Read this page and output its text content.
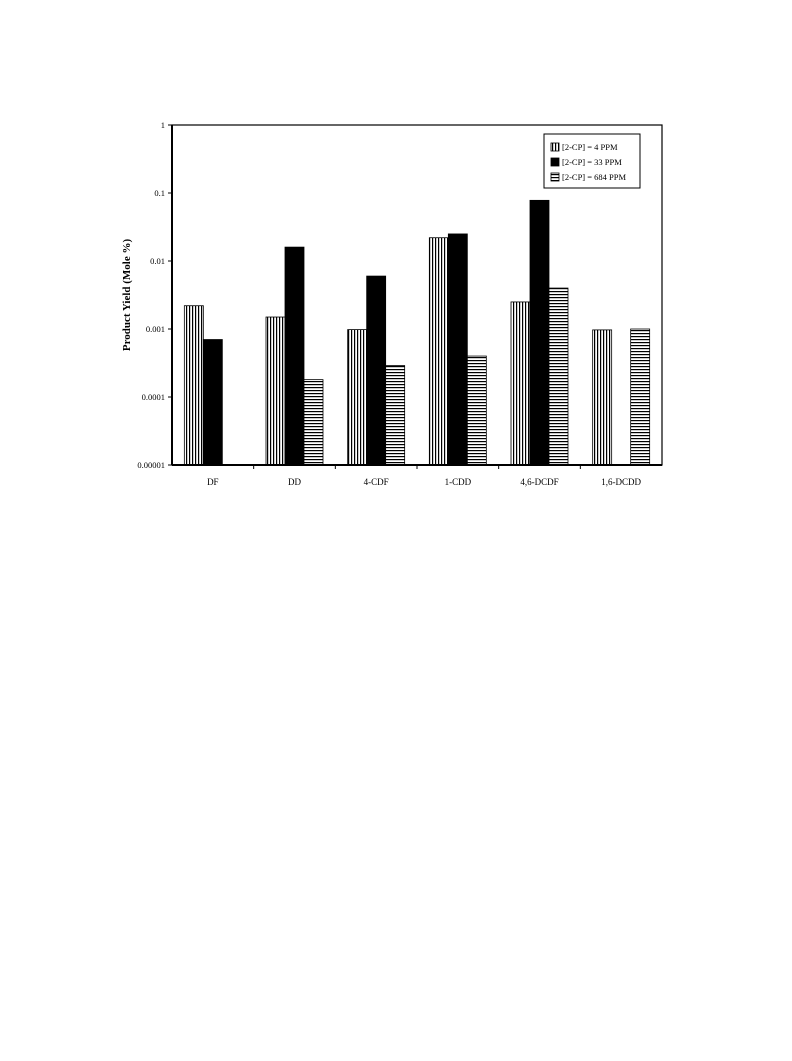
0.00001
0.0001
0.001
0.01
0.1
1
DF	DD	4-CDF	1-CDD	4,6-DCDF	1,6-DCDD
Product Yield (Mole %)
[2-CP] = 4 PPM
[2-CP] = 33 PPM
[2-CP] = 684 PPM
